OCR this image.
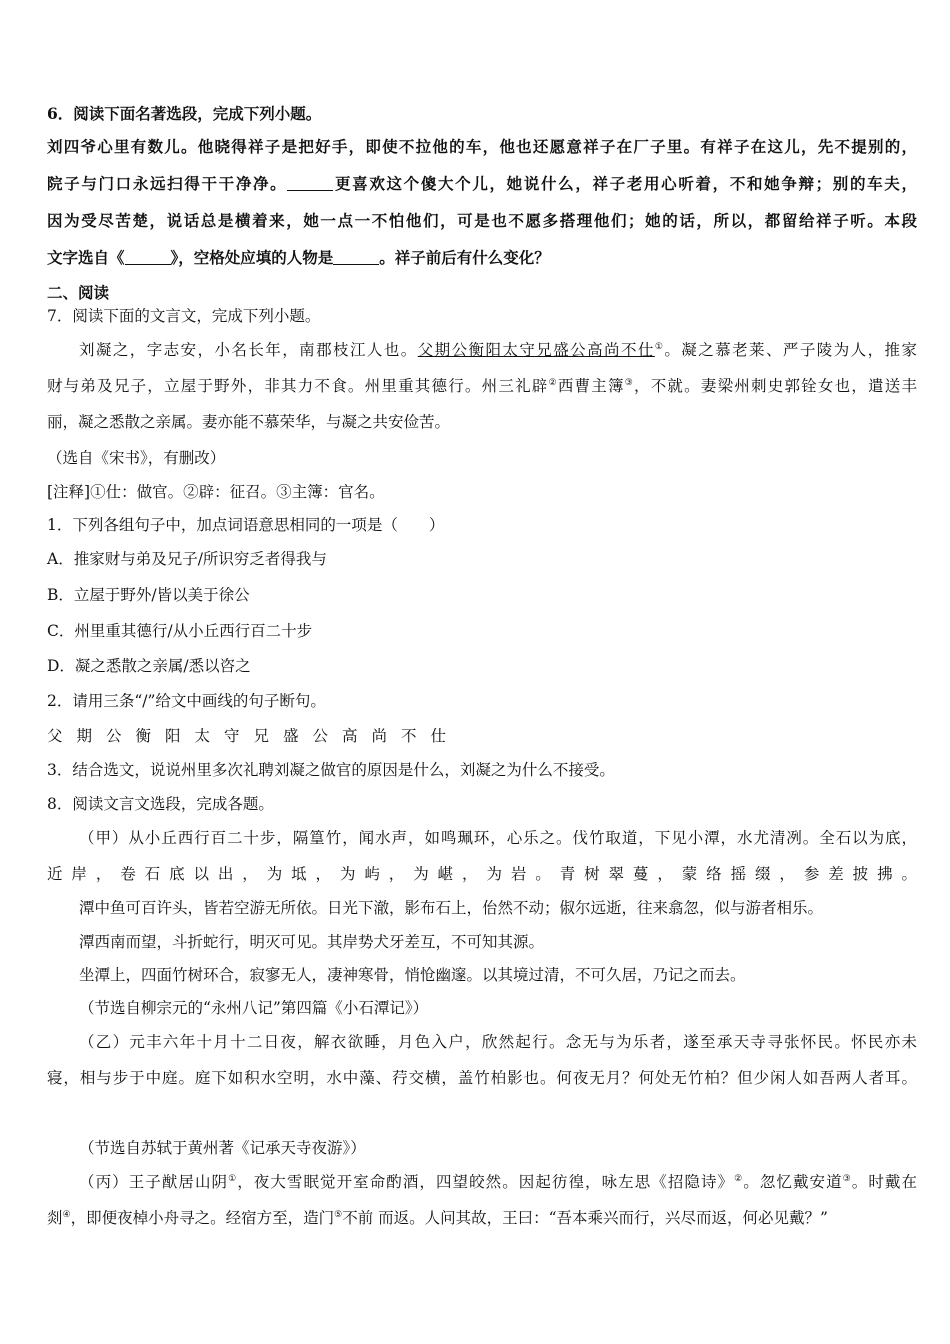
6．阅读下面名著选段，完成下列小题。
刘四爷心里有数儿。他晓得祥子是把好手，即使不拉他的车，他也还愿意祥子在厂子里。有祥子在这儿，先不提别的，
院子与门口永远扫得干干净净。	更喜欢这个傻大个儿，她说什么，祥子老用心听着，不和她争辩；别的车夫，
因为受尽苦楚，说话总是横着来，她一点一不怕他们，可是也不愿多搭理他们；她的话，所以，都留给祥子听。本段
文字选自《	》，空格处应填的人物是	。祥子前后有什么变化？
二、阅读
7．阅读下面的文言文，完成下列小题。
刘凝之，字志安，小名长年，南郡枝江人也。父期公衡阳太守兄盛公高尚不仕①。凝之慕老莱、严子陵为人，推家
财与弟及兄子，立屋于野外，非其力不食。州里重其德行。州三礼辟②西曹主簿③，不就。妻梁州刺史郭铨女也，遣送丰
丽，凝之悉散之亲属。妻亦能不慕荣华，与凝之共安俭苦。
（选自《宋书》，有删改）
[注释]①仕：做官。②辟：征召。③主簿：官名。
1．下列各组句子中，加点词语意思相同的一项是（　　）
A．推家财与弟及兄子/所识穷乏者得我与
B．立屋于野外/皆以美于徐公
C．州里重其德行/从小丘西行百二十步
D．凝之悉散之亲属/悉以咨之
2．请用三条“/”给文中画线的句子断句。
父期公衡阳太守兄盛公高尚不仕
3．结合选文，说说州里多次礼聘刘凝之做官的原因是什么，刘凝之为什么不接受。
8．阅读文言文选段，完成各题。
（甲）从小丘西行百二十步，隔篁竹，闻水声，如鸣珮环，心乐之。伐竹取道，下见小潭，水尤清冽。全石以为底，
近岸，卷石底以出，为坻，为屿，为嵁，为岩。青树翠蔓，蒙络摇缀，参差披拂。
潭中鱼可百许头，皆若空游无所依。日光下澈，影布石上，佁然不动；俶尔远逝，往来翕忽，似与游者相乐。
潭西南而望，斗折蛇行，明灭可见。其岸势犬牙差互，不可知其源。
坐潭上，四面竹树环合，寂寥无人，凄神寒骨，悄怆幽邃。以其境过清，不可久居，乃记之而去。
（节选自柳宗元的“永州八记”第四篇《小石潭记》）
（乙）元丰六年十月十二日夜，解衣欲睡，月色入户，欣然起行。念无与为乐者，遂至承天寺寻张怀民。怀民亦未
寝，相与步于中庭。庭下如积水空明，水中藻、荇交横，盖竹柏影也。何夜无月？何处无竹柏？但少闲人如吾两人者耳。
（节选自苏轼于黄州著《记承天寺夜游》）
（丙）王子猷居山阴①，夜大雪眠觉开室命酌酒，四望皎然。因起彷徨，咏左思《招隐诗》②。忽忆戴安道③。时戴在
剡④，即便夜棹小舟寻之。经宿方至，造门⑤不前 而返。人问其故，王曰：“吾本乘兴而行，兴尽而返，何必见戴？”
